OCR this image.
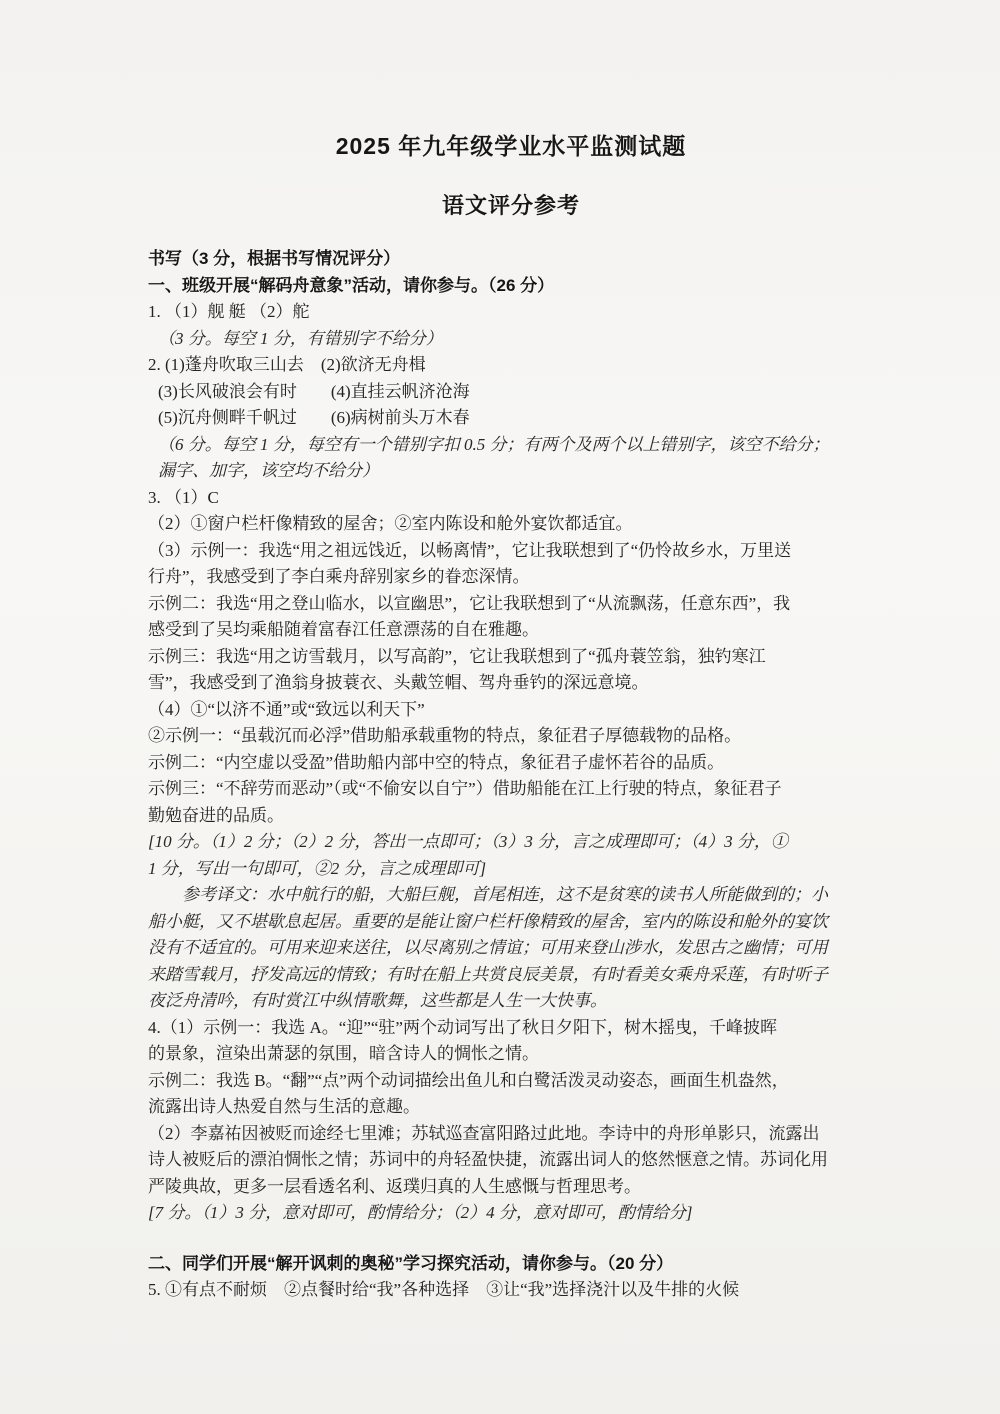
2025 年九年级学业水平监测试题
语文评分参考

书写（3 分，根据书写情况评分）

一、班级开展“解码舟意象”活动，请你参与。（26 分）

1. （1）舰 艇 （2）舵

（3 分。每空 1 分，有错别字不给分）

2. (1)蓬舟吹取三山去　(2)欲济无舟楫

(3)长风破浪会有时　　(4)直挂云帆济沧海

(5)沉舟侧畔千帆过　　(6)病树前头万木春

（6 分。每空 1 分，每空有一个错别字扣 0.5 分；有两个及两个以上错别字，该空不给分；

漏字、加字，该空均不给分）

3. （1）C

（2）①窗户栏杆像精致的屋舍；②室内陈设和舱外宴饮都适宜。

（3）示例一：我选“用之祖远饯近，以畅离情”，它让我联想到了“仍怜故乡水，万里送

行舟”，我感受到了李白乘舟辞别家乡的眷恋深情。

示例二：我选“用之登山临水，以宣幽思”，它让我联想到了“从流飘荡，任意东西”，我

感受到了吴均乘船随着富春江任意漂荡的自在雅趣。

示例三：我选“用之访雪载月，以写高韵”，它让我联想到了“孤舟蓑笠翁，独钓寒江

雪”，我感受到了渔翁身披蓑衣、头戴笠帽、驾舟垂钓的深远意境。

（4）①“以济不通”或“致远以利天下”

②示例一：“虽载沉而必浮”借助船承载重物的特点，象征君子厚德载物的品格。

示例二：“内空虚以受盈”借助船内部中空的特点，象征君子虚怀若谷的品质。

示例三：“不辞劳而恶动”（或“不偷安以自宁”）借助船能在江上行驶的特点，象征君子

勤勉奋进的品质。

[10 分。（1）2 分；（2）2 分，答出一点即可；（3）3 分，言之成理即可；（4）3 分，①

1 分，写出一句即可，②2 分，言之成理即可]

参考译文：水中航行的船，大船巨舰，首尾相连，这不是贫寒的读书人所能做到的；小

船小艇，又不堪歇息起居。重要的是能让窗户栏杆像精致的屋舍，室内的陈设和舱外的宴饮

没有不适宜的。可用来迎来送往，以尽离别之情谊；可用来登山涉水，发思古之幽情；可用

来踏雪载月，抒发高远的情致；有时在船上共赏良辰美景，有时看美女乘舟采莲，有时听子

夜泛舟清吟，有时赏江中纵情歌舞，这些都是人生一大快事。

4.（1）示例一：我选 A。“迎”“驻”两个动词写出了秋日夕阳下，树木摇曳，千峰披晖

的景象，渲染出萧瑟的氛围，暗含诗人的惆怅之情。

示例二：我选 B。“翻”“点”两个动词描绘出鱼儿和白鹭活泼灵动姿态，画面生机盎然，

流露出诗人热爱自然与生活的意趣。

（2）李嘉祐因被贬而途经七里滩；苏轼巡查富阳路过此地。李诗中的舟形单影只，流露出

诗人被贬后的漂泊惆怅之情；苏词中的舟轻盈快捷，流露出词人的悠然惬意之情。苏词化用

严陵典故，更多一层看透名利、返璞归真的人生感慨与哲理思考。

[7 分。（1）3 分，意对即可，酌情给分；（2）4 分，意对即可，酌情给分]

二、同学们开展“解开讽刺的奥秘”学习探究活动，请你参与。（20 分）

5. ①有点不耐烦　②点餐时给“我”各种选择　③让“我”选择浇汁以及牛排的火候
